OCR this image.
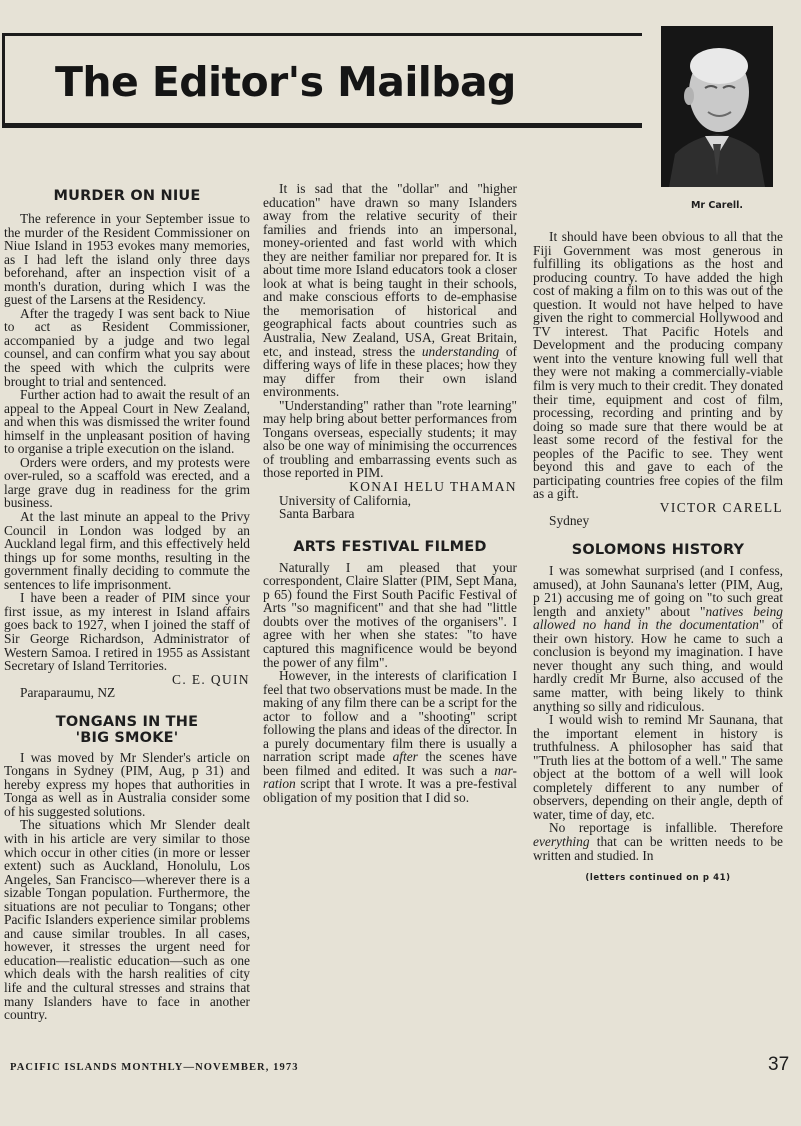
The Editor's Mailbag
Mr Carell.
MURDER ON NIUE

The reference in your September issue to the murder of the Resident Commissioner on Niue Island in 1953 evokes many memories, as I had left the island only three days beforehand, after an inspection visit of a month's duration, during which I was the guest of the Larsens at the Residency.

After the tragedy I was sent back to Niue to act as Resident Commissioner, accompanied by a judge and two legal counsel, and can confirm what you say about the speed with which the culprits were brought to trial and sentenced.

Further action had to await the result of an appeal to the Appeal Court in New Zealand, and when this was dismissed the writer found himself in the unpleasant position of having to organise a triple execution on the island.

Orders were orders, and my protests were over-ruled, so a scaffold was erected, and a large grave dug in readiness for the grim business.

At the last minute an appeal to the Privy Council in London was lodged by an Auckland legal firm, and this effectively held things up for some months, resulting in the government finally deciding to commute the sentences to life imprisonment.

I have been a reader of PIM since your first issue, as my interest in Island affairs goes back to 1927, when I joined the staff of Sir George Richardson, Administrator of Western Samoa. I retired in 1955 as Assistant Secretary of Island Territories.

C. E. QUIN

Paraparaumu, NZ

TONGANS IN THE
'BIG SMOKE'

I was moved by Mr Slender's article on Tongans in Sydney (PIM, Aug, p 31) and hereby express my hopes that authorities in Tonga as well as in Australia consider some of his suggested solutions.

The situations which Mr Slender dealt with in his article are very similar to those which occur in other cities (in more or lesser extent) such as Auckland, Honolulu, Los Angeles, San Francisco—wherever there is a sizable Tongan population. Furthermore, the situations are not peculiar to Tongans; other Pacific Islanders experience similar problems and cause similar troubles. In all cases, however, it stresses the urgent need for education—realistic education—such as one which deals with the harsh realities of city life and the cultural stresses and strains that many Islanders have to face in another country.

It is sad that the "dollar" and "higher education" have drawn so many Islanders away from the relative security of their families and friends into an impersonal, money-oriented and fast world with which they are neither familiar nor prepared for. It is about time more Island educators took a closer look at what is being taught in their schools, and make conscious efforts to de-emphasise the memorisation of historical and geographical facts about countries such as Australia, New Zealand, USA, Great Britain, etc, and instead, stress the understanding of differing ways of life in these places; how they may differ from their own island environments.

"Understanding" rather than "rote learning" may help bring about better performances from Tongans overseas, especially students; it may also be one way of minimising the occurrences of troubling and embarrassing events such as those reported in PIM.

KONAI HELU THAMAN

University of California,

Santa Barbara

ARTS FESTIVAL FILMED

Naturally I am pleased that your correspondent, Claire Slatter (PIM, Sept Mana, p 65) found the First South Pacific Festival of Arts "so magnificent" and that she had "little doubts over the motives of the organisers". I agree with her when she states: "to have captured this magnificence would be beyond the power of any film".

However, in the interests of clarification I feel that two observations must be made. In the making of any film there can be a script for the actor to follow and a "shooting" script following the plans and ideas of the director. In a purely documentary film there is usually a narration script made after the scenes have been filmed and edited. It was such a nar-ration script that I wrote. It was a pre-festival obligation of my position that I did so.

It should have been obvious to all that the Fiji Government was most generous in fulfilling its obligations as the host and producing country. To have added the high cost of making a film on to this was out of the question. It would not have helped to have given the right to commercial Hollywood and TV interest. That Pacific Hotels and Development and the producing company went into the venture knowing full well that they were not making a commercially-viable film is very much to their credit. They donated their time, equipment and cost of film, processing, recording and printing and by doing so made sure that there would be at least some record of the festival for the peoples of the Pacific to see. They went beyond this and gave to each of the participating countries free copies of the film as a gift.

VICTOR CARELL

Sydney

SOLOMONS HISTORY

I was somewhat surprised (and I confess, amused), at John Saunana's letter (PIM, Aug, p 21) accusing me of going on "to such great length and anxiety" about "natives being allowed no hand in the documentation" of their own history. How he came to such a conclusion is beyond my imagination. I have never thought any such thing, and would hardly credit Mr Burne, also accused of the same matter, with being likely to think anything so silly and ridiculous.

I would wish to remind Mr Saunana, that the important element in history is truthfulness. A philosopher has said that "Truth lies at the bottom of a well." The same object at the bottom of a well will look completely different to any number of observers, depending on their angle, depth of water, time of day, etc.

No reportage is infallible. Therefore everything that can be written needs to be written and studied. In

(letters continued on p 41)
PACIFIC ISLANDS MONTHLY—NOVEMBER, 1973	37
